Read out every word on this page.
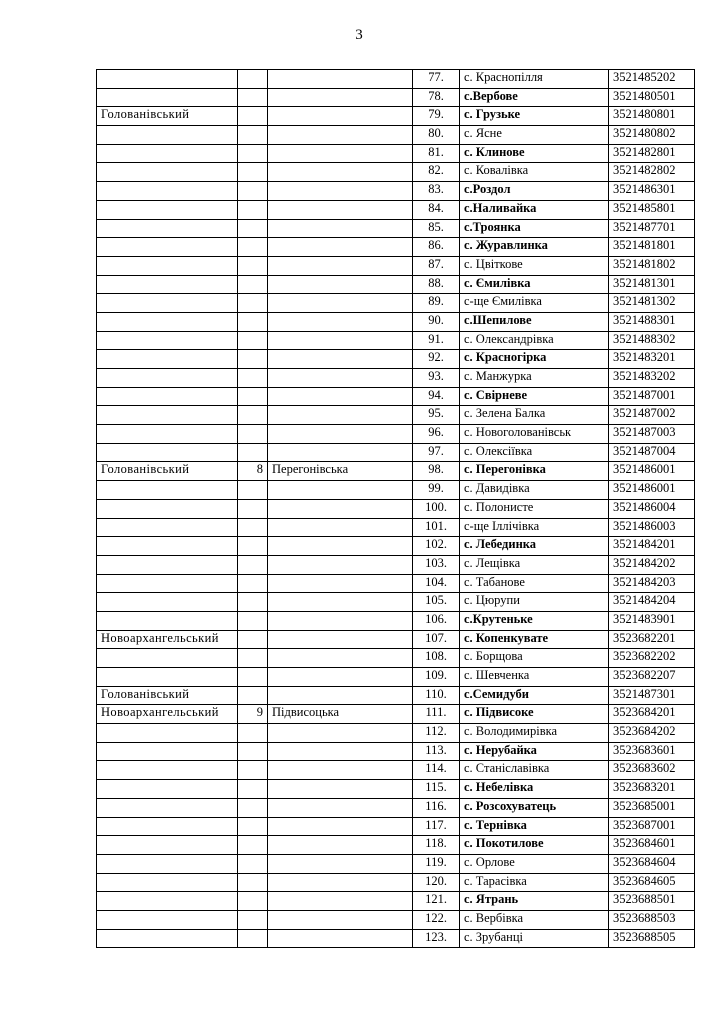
3
			77.	с. Краснопілля	3521485202
			78.	с.Вербове	3521480501
Голованівський			79.	с. Грузьке	3521480801
			80.	с. Ясне	3521480802
			81.	с. Клинове	3521482801
			82.	с. Ковалівка	3521482802
			83.	с.Роздол	3521486301
			84.	с.Наливайка	3521485801
			85.	с.Троянка	3521487701
			86.	с. Журавлинка	3521481801
			87.	с. Цвіткове	3521481802
			88.	с. Ємилівка	3521481301
			89.	с-ще Ємилівка	3521481302
			90.	с.Шепилове	3521488301
			91.	с. Олександрівка	3521488302
			92.	с. Красногірка	3521483201
			93.	с. Манжурка	3521483202
			94.	с. Свірневе	3521487001
			95.	с. Зелена Балка	3521487002
			96.	с. Новоголованівськ	3521487003
			97.	с. Олексіївка	3521487004
Голованівський	8	Перегонівська	98.	с. Перегонівка	3521486001
			99.	с. Давидівка	3521486001
			100.	с. Полонисте	3521486004
			101.	с-ще Іллічівка	3521486003
			102.	с. Лебединка	3521484201
			103.	с. Лещівка	3521484202
			104.	с. Табанове	3521484203
			105.	с. Цюрупи	3521484204
			106.	с.Крутеньке	3521483901
Новоархангельський			107.	с. Копенкувате	3523682201
			108.	с. Борщова	3523682202
			109.	с. Шевченка	3523682207
Голованівський			110.	с.Семидуби	3521487301
Новоархангельський	9	Підвисоцька	111.	с. Підвисоке	3523684201
			112.	с. Володимирівка	3523684202
			113.	с. Нерубайка	3523683601
			114.	с. Станіславівка	3523683602
			115.	с. Небелівка	3523683201
			116.	с. Розсохуватець	3523685001
			117.	с. Тернівка	3523687001
			118.	с. Покотилове	3523684601
			119.	с. Орлове	3523684604
			120.	с. Тарасівка	3523684605
			121.	с. Ятрань	3523688501
			122.	с. Вербівка	3523688503
			123.	с. Зрубанці	3523688505
